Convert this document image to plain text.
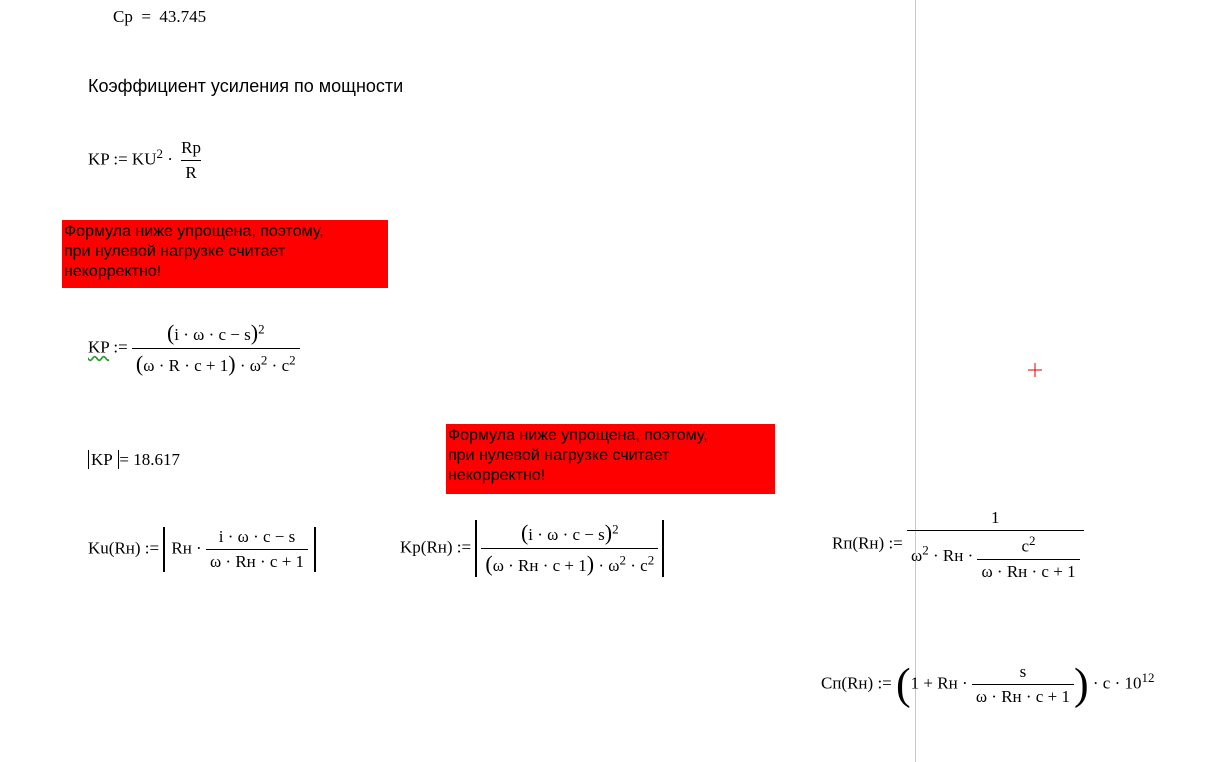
Cp  =  43.745
Коэффициент усиления по мощности
KP := $KU^2 \cdot \frac{Rp}{R}$
Формула ниже упрощена, поэтому,
при нулевой нагрузке считает
некорректно!
KP := $\frac{(i \cdot \omega \cdot c - s)^2}{(\omega \cdot R \cdot c + 1) \cdot \omega^2 \cdot c^2}$
KP = 18.617
Формула ниже упрощена, поэтому,
при нулевой нагрузке считает
некорректно!
Ku(Rн) := Rн · $\frac{i \cdot \omega \cdot c - s}{\omega \cdot Rн \cdot c + 1}$	Kp(Rн) := $\frac{(i \cdot \omega \cdot c - s)^2}{(\omega \cdot Rн \cdot c + 1) \cdot \omega^2 \cdot c^2}$	Rп(Rн) := $\frac{1}{\omega^2 \cdot Rн \cdot \frac{c^2}{\omega \cdot Rн \cdot c + 1}}$
Cп(Rн) := (1 + Rн · $\frac{s}{\omega \cdot Rн \cdot c + 1}$ ) · $c \cdot 10^{12}$
